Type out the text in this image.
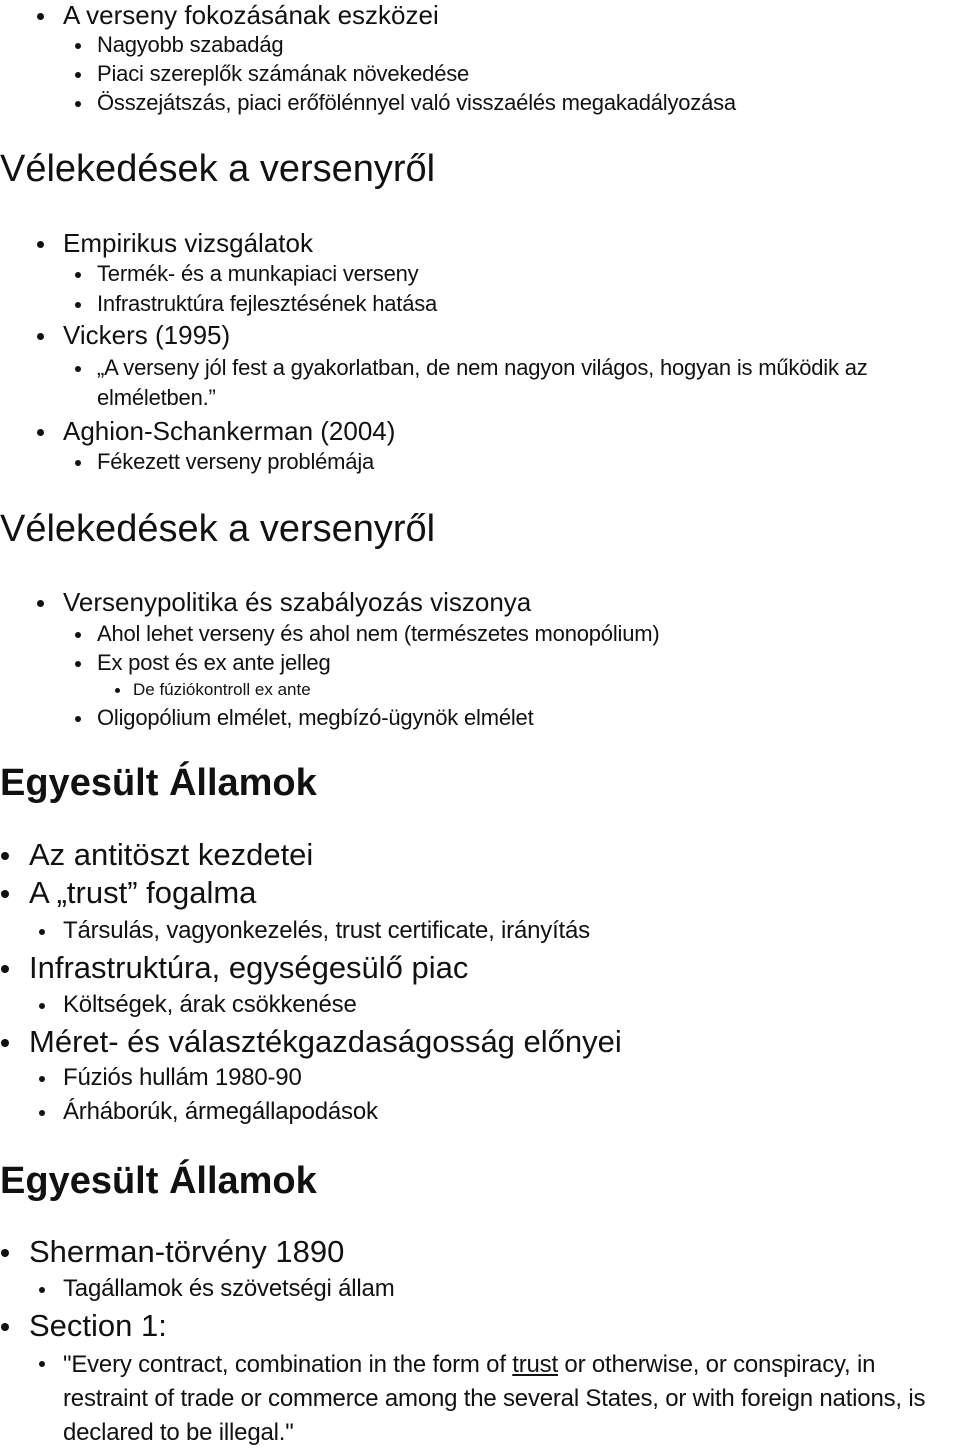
A verseny fokozásának eszközei
Nagyobb szabadág
Piaci szereplők számának növekedése
Összejátszás, piaci erőfölénnyel való visszaélés megakadályozása
Vélekedések a versenyről
Empirikus vizsgálatok
Termék- és a munkapiaci verseny
Infrastruktúra fejlesztésének hatása
Vickers (1995)
„A verseny jól fest a gyakorlatban, de nem nagyon világos, hogyan is működik az
elméletben.”
Aghion-Schankerman (2004)
Fékezett verseny problémája
Vélekedések a versenyről
Versenypolitika és szabályozás viszonya
Ahol lehet verseny és ahol nem (természetes monopólium)
Ex post és ex ante jelleg
De fúziókontroll ex ante
Oligopólium elmélet, megbízó-ügynök elmélet
Egyesült Államok
Az antitöszt kezdetei
A „trust” fogalma
Társulás, vagyonkezelés, trust certificate, irányítás
Infrastruktúra, egységesülő piac
Költségek, árak csökkenése
Méret- és választékgazdaságosság előnyei
Fúziós hullám 1980-90
Árháborúk, ármegállapodások
Egyesült Államok
Sherman-törvény 1890
Tagállamok és szövetségi állam
Section 1:
"Every contract, combination in the form of trust or otherwise, or conspiracy, in restraint of trade or commerce among the several States, or with foreign nations, is declared to be illegal."
